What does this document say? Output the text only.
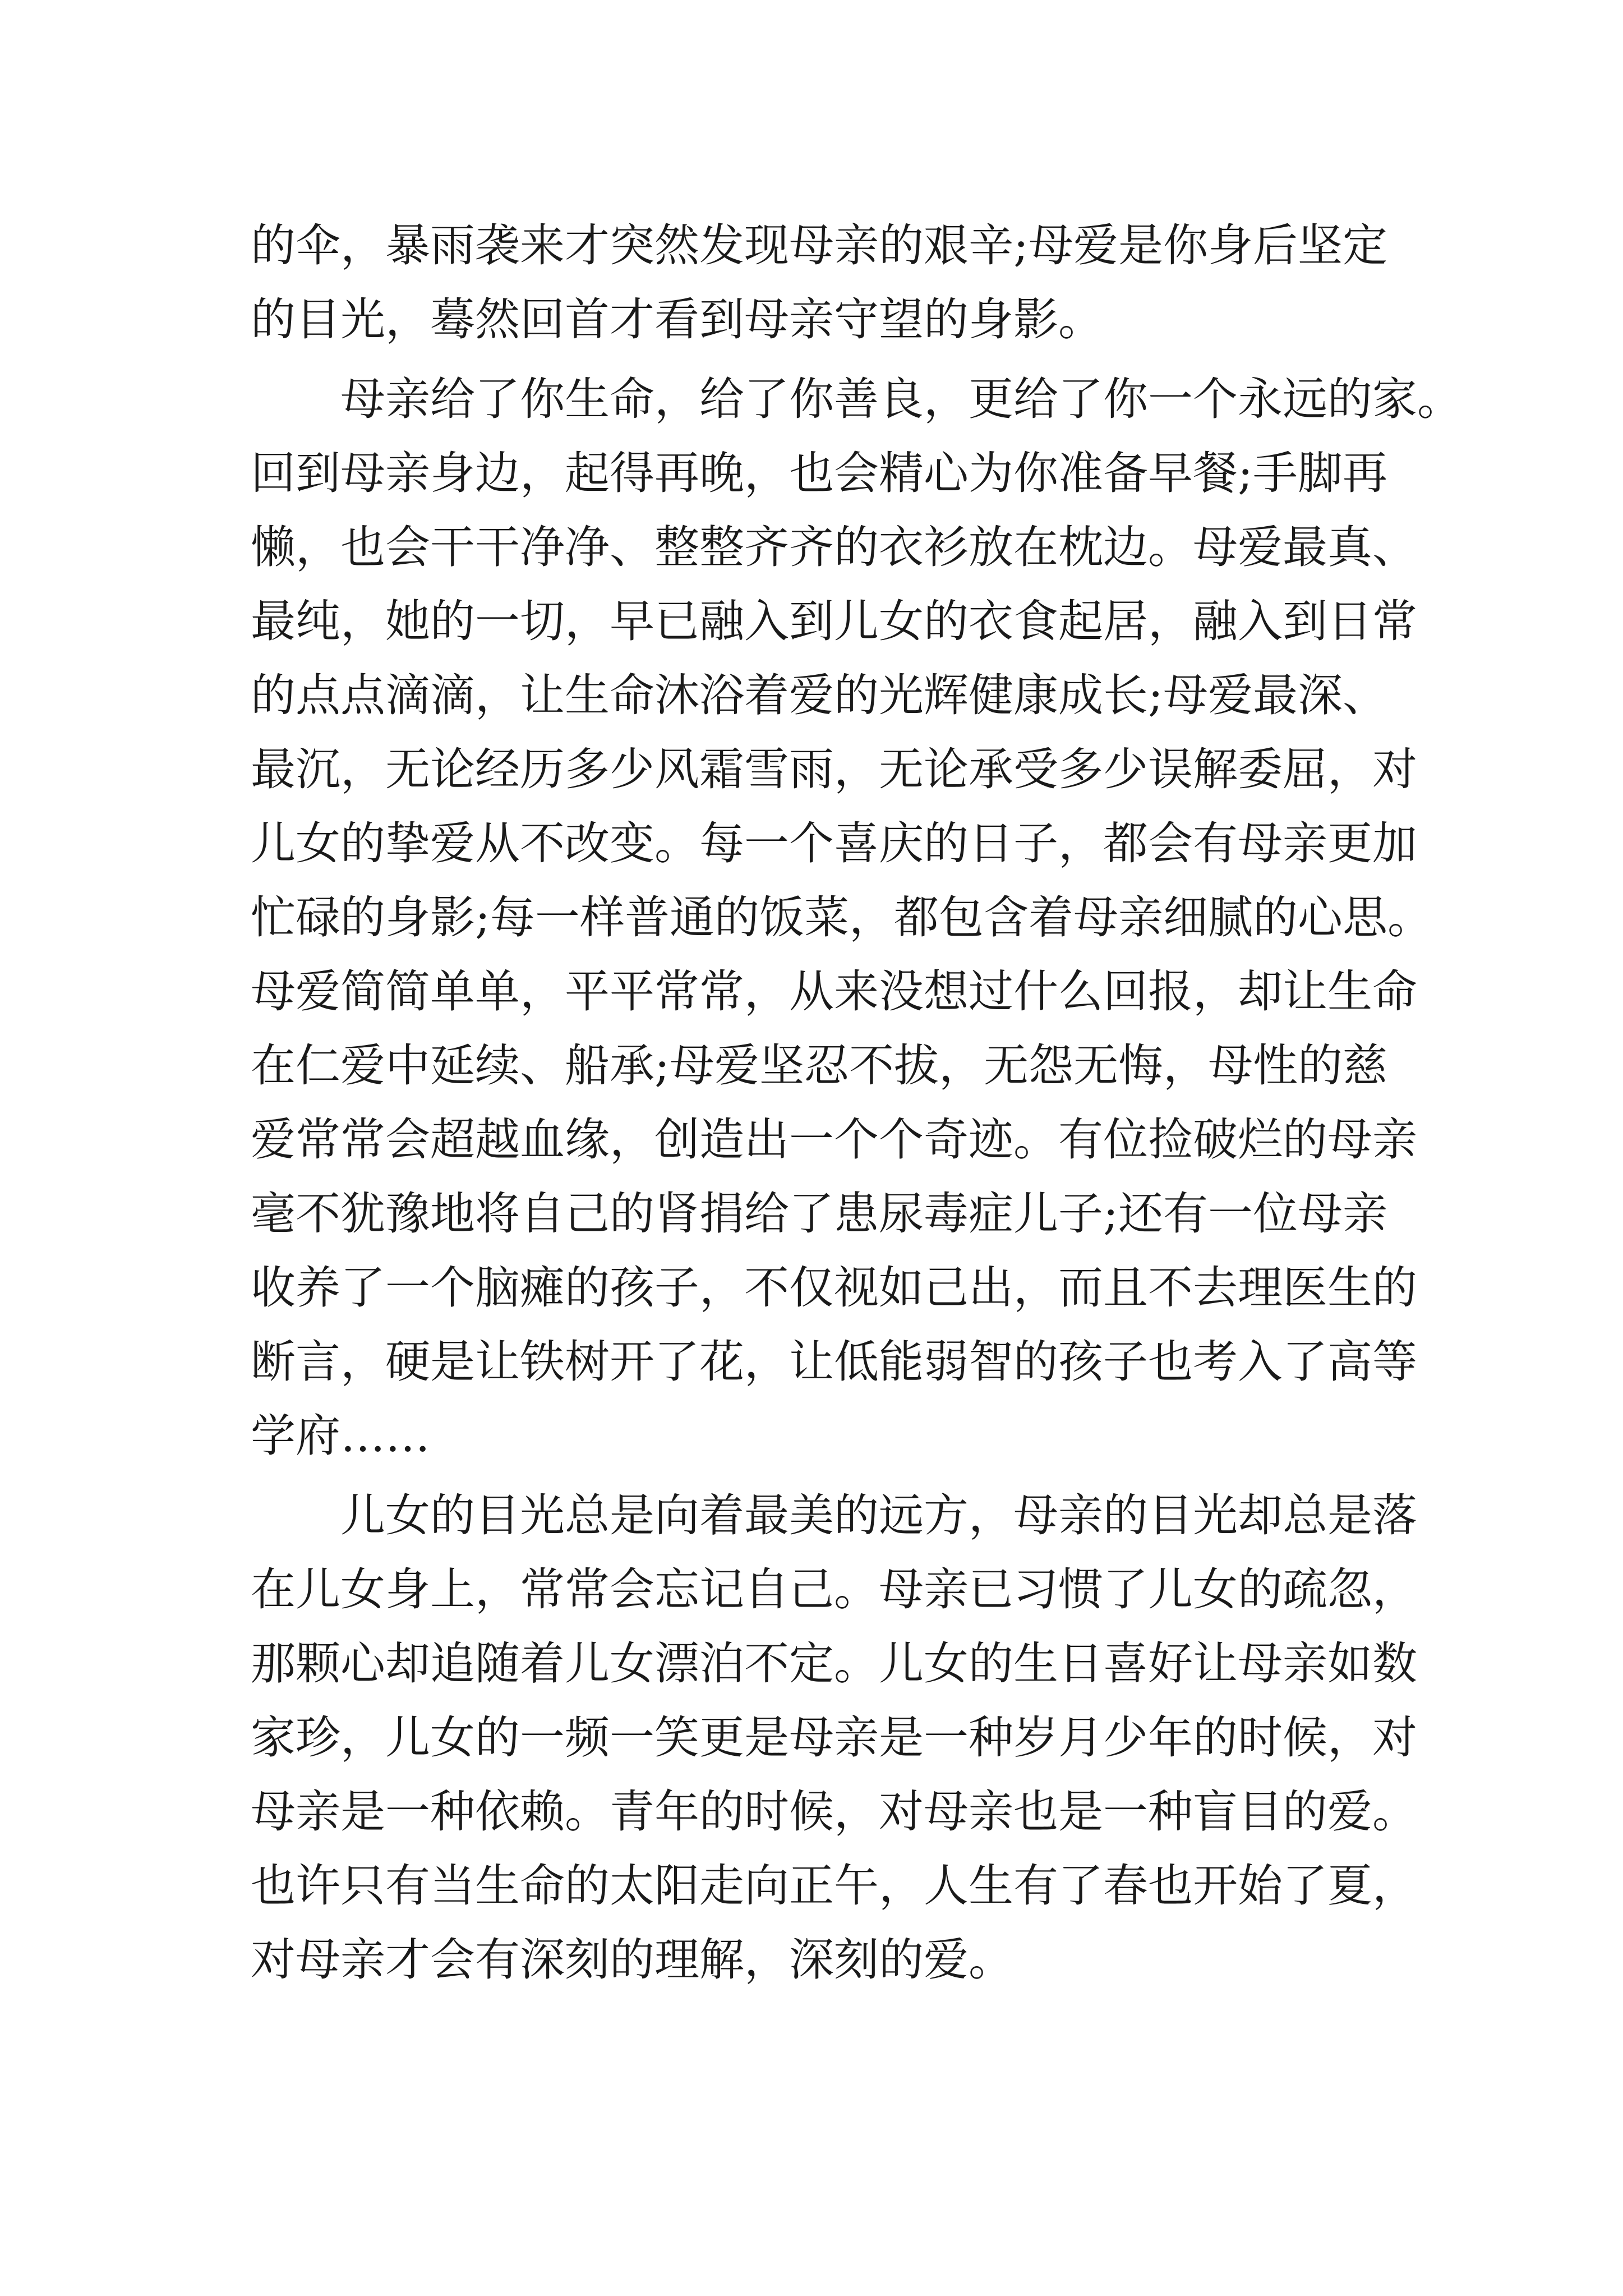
的伞，暴雨袭来才突然发现母亲的艰辛;母爱是你身后坚定
的目光，蓦然回首才看到母亲守望的身影。
母亲给了你生命，给了你善良，更给了你一个永远的家。
回到母亲身边，起得再晚，也会精心为你准备早餐;手脚再
懒，也会干干净净、整整齐齐的衣衫放在枕边。母爱最真、
最纯，她的一切，早已融入到儿女的衣食起居，融入到日常
的点点滴滴，让生命沐浴着爱的光辉健康成长;母爱最深、
最沉，无论经历多少风霜雪雨，无论承受多少误解委屈，对
儿女的挚爱从不改变。每一个喜庆的日子，都会有母亲更加
忙碌的身影;每一样普通的饭菜，都包含着母亲细腻的心思。
母爱简简单单，平平常常，从来没想过什么回报，却让生命
在仁爱中延续、船承;母爱坚忍不拔，无怨无悔，母性的慈
爱常常会超越血缘，创造出一个个奇迹。有位捡破烂的母亲
毫不犹豫地将自己的肾捐给了患尿毒症儿子;还有一位母亲
收养了一个脑瘫的孩子，不仅视如己出，而且不去理医生的
断言，硬是让铁树开了花，让低能弱智的孩子也考入了高等
学府……
儿女的目光总是向着最美的远方，母亲的目光却总是落
在儿女身上，常常会忘记自己。母亲已习惯了儿女的疏忽，
那颗心却追随着儿女漂泊不定。儿女的生日喜好让母亲如数
家珍，儿女的一频一笑更是母亲是一种岁月少年的时候，对
母亲是一种依赖。青年的时候，对母亲也是一种盲目的爱。
也许只有当生命的太阳走向正午，人生有了春也开始了夏，
对母亲才会有深刻的理解，深刻的爱。
